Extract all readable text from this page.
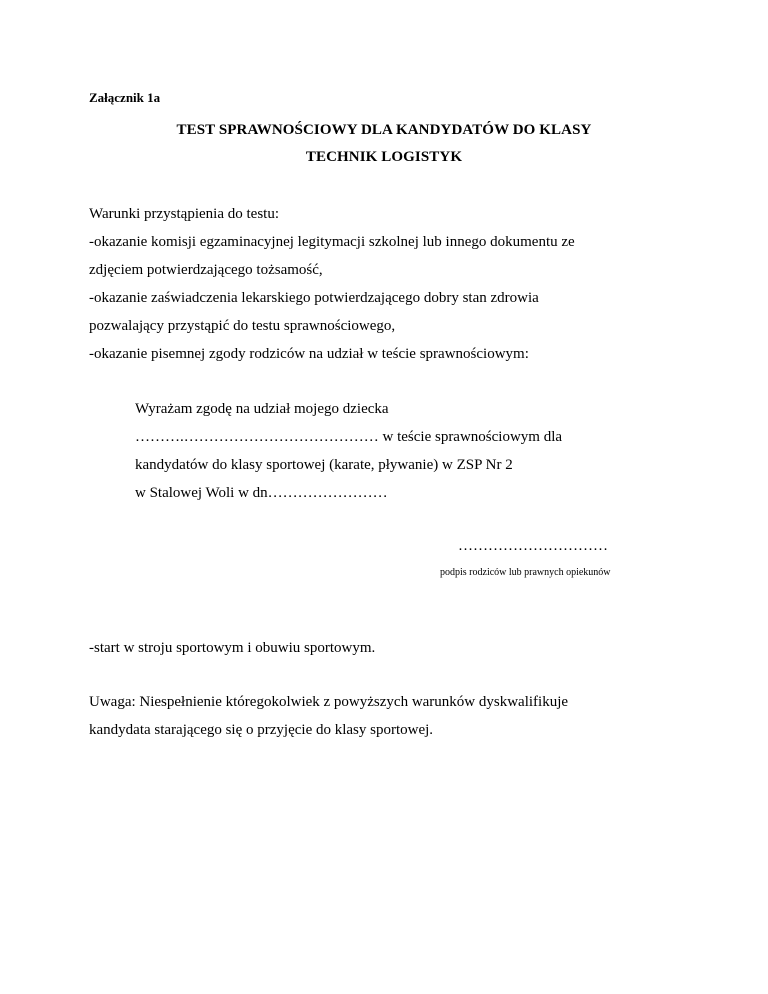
Załącznik 1a
TEST SPRAWNOŚCIOWY DLA KANDYDATÓW DO KLASY
TECHNIK LOGISTYK
Warunki przystąpienia do testu:
-okazanie komisji egzaminacyjnej legitymacji szkolnej lub innego dokumentu ze
zdjęciem potwierdzającego tożsamość,
-okazanie zaświadczenia lekarskiego potwierdzającego dobry stan zdrowia
pozwalający przystąpić do testu sprawnościowego,
-okazanie pisemnej zgody rodziców na udział w teście sprawnościowym:
Wyrażam zgodę na udział mojego dziecka
……….………………………………… w teście sprawnościowym dla
kandydatów do klasy sportowej (karate, pływanie) w ZSP Nr 2
w Stalowej Woli w dn……………………
…………………………
podpis rodziców lub prawnych opiekunów
-start w stroju sportowym i obuwiu sportowym.
Uwaga: Niespełnienie któregokolwiek z powyższych warunków dyskwalifikuje
kandydata starającego się o przyjęcie do klasy sportowej.
